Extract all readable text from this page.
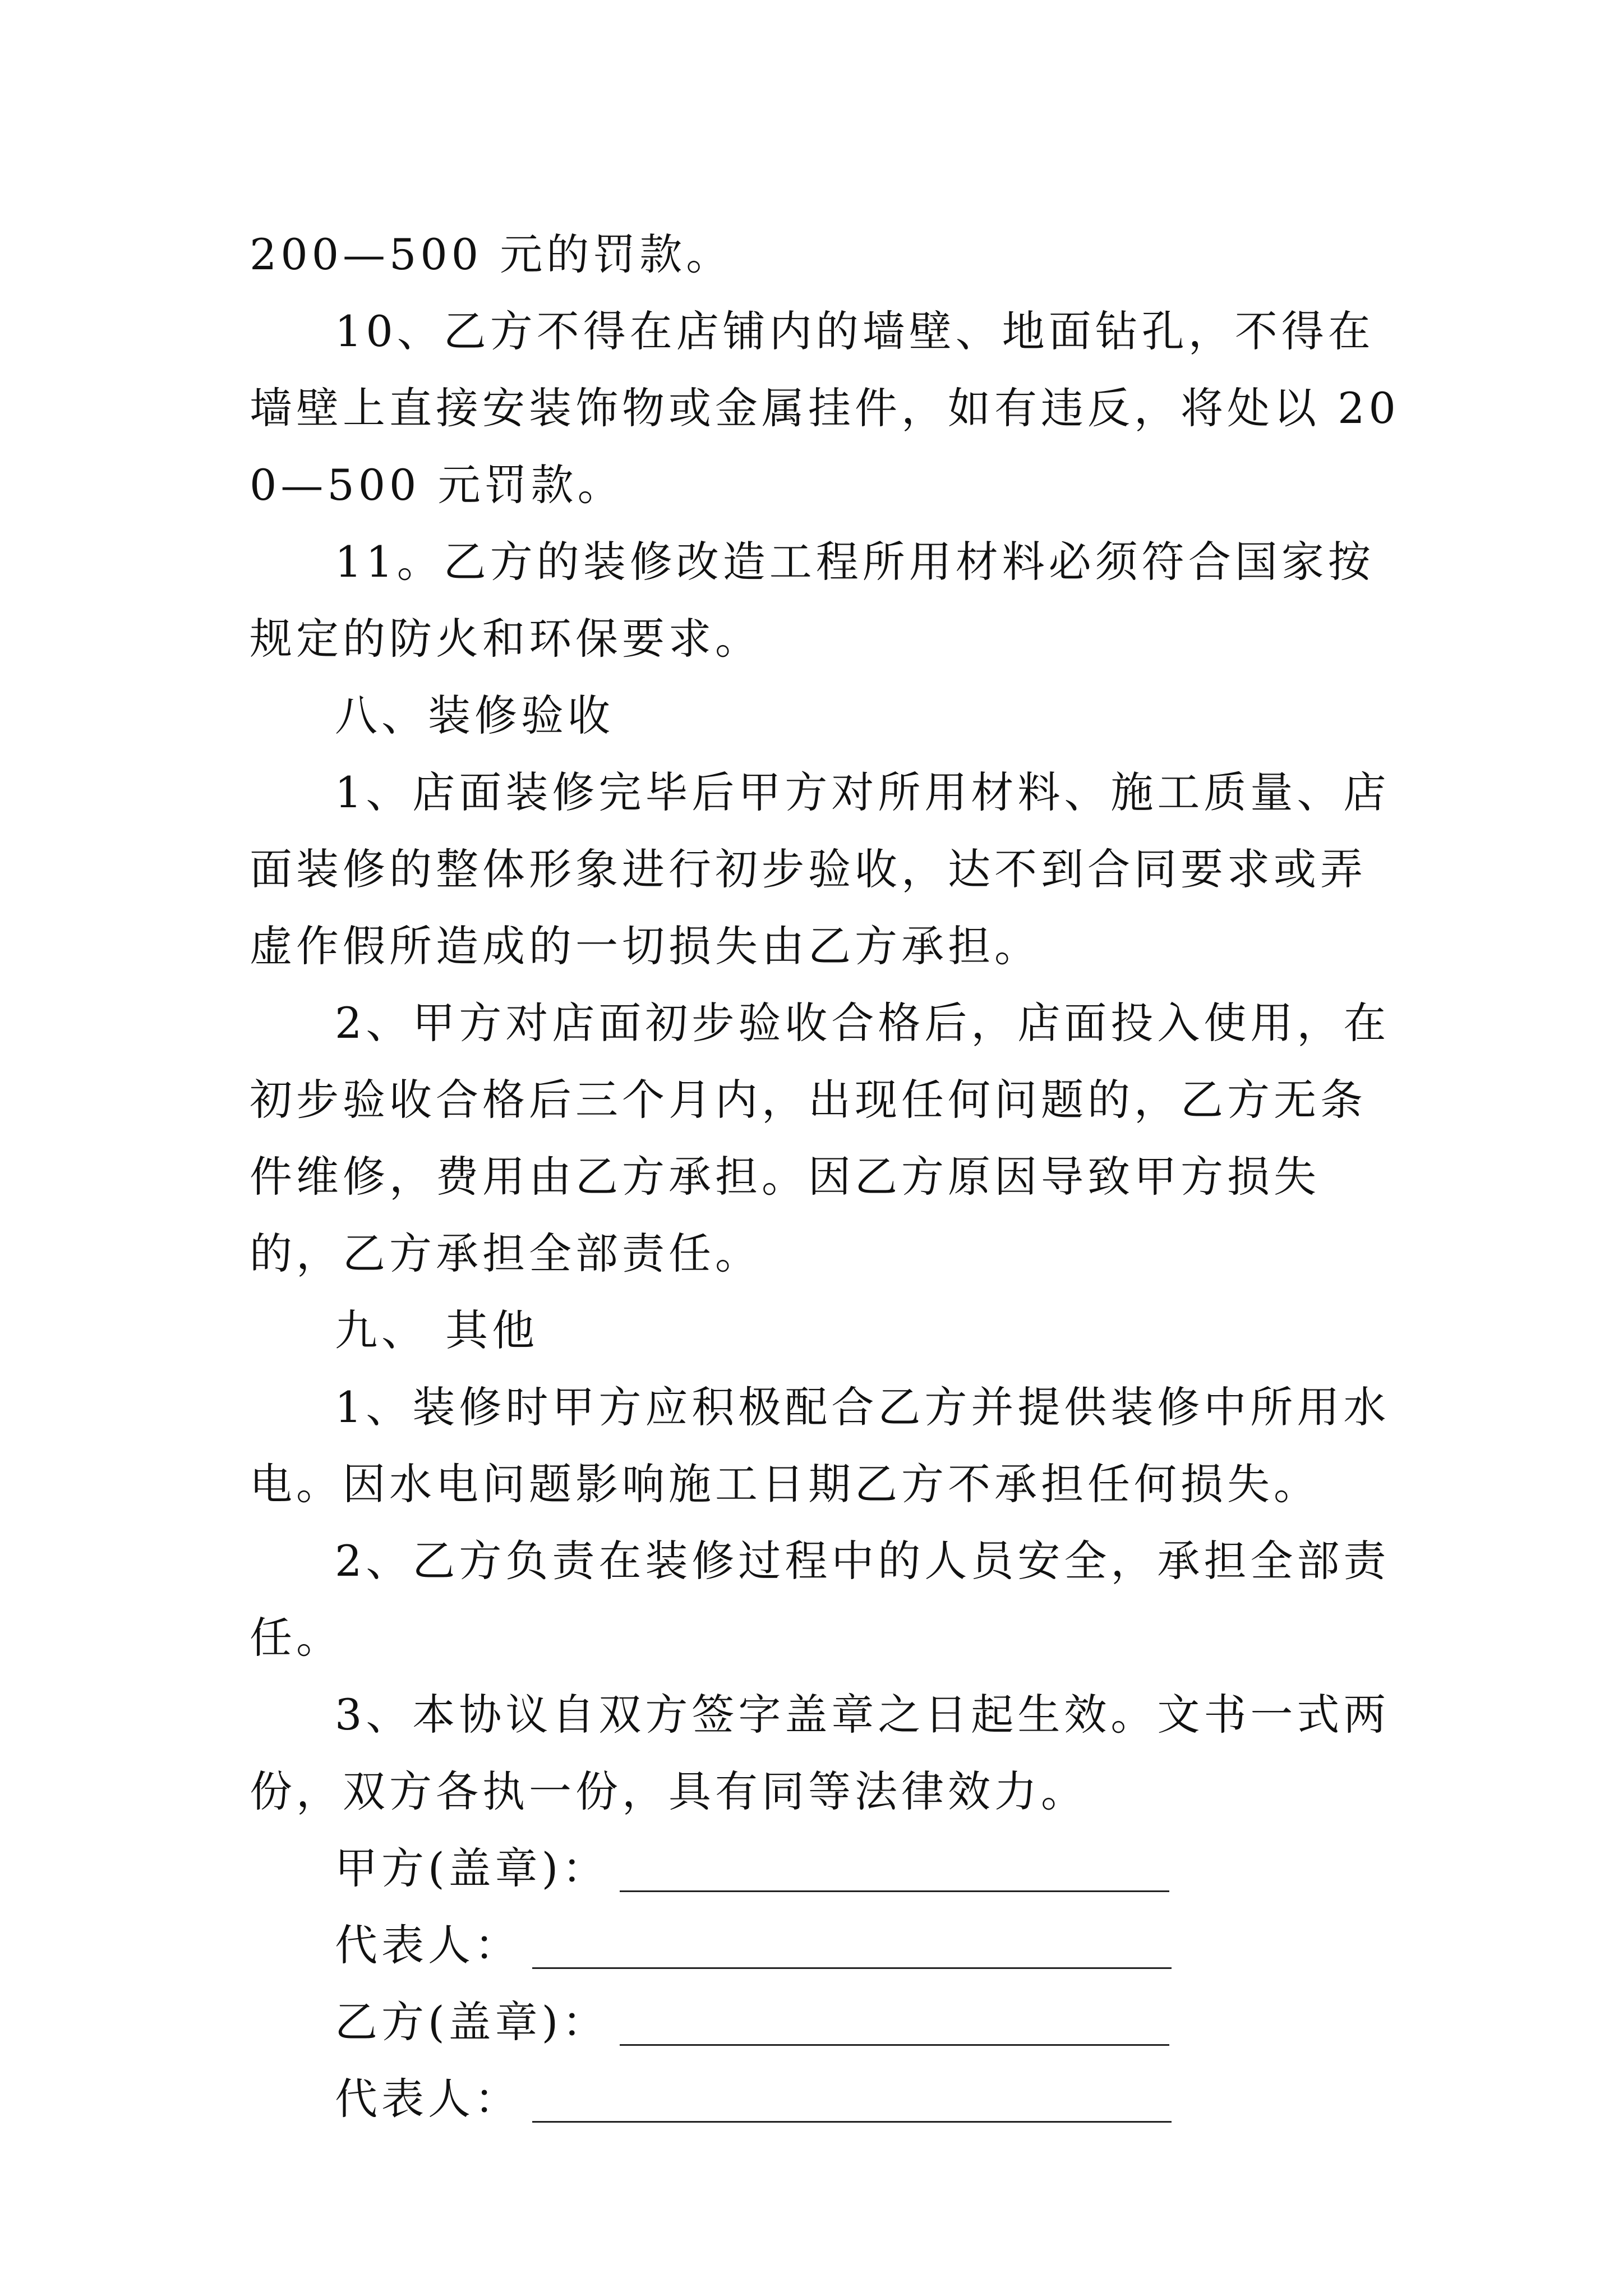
200—500 元的罚款。

10、乙方不得在店铺内的墙壁、地面钻孔，不得在墙壁上直接安装饰物或金属挂件，如有违反，将处以 200—500 元罚款。

11。乙方的装修改造工程所用材料必须符合国家按规定的防火和环保要求。

八、装修验收

1、店面装修完毕后甲方对所用材料、施工质量、店面装修的整体形象进行初步验收，达不到合同要求或弄虚作假所造成的一切损失由乙方承担。

2、甲方对店面初步验收合格后，店面投入使用，在初步验收合格后三个月内，出现任何问题的，乙方无条件维修，费用由乙方承担。因乙方原因导致甲方损失的，乙方承担全部责任。

九、 其他

1、装修时甲方应积极配合乙方并提供装修中所用水电。因水电问题影响施工日期乙方不承担任何损失。

2、乙方负责在装修过程中的人员安全，承担全部责任。

3、本协议自双方签字盖章之日起生效。文书一式两份，双方各执一份，具有同等法律效力。

甲方(盖章)：
代表人：
乙方(盖章)：
代表人：
